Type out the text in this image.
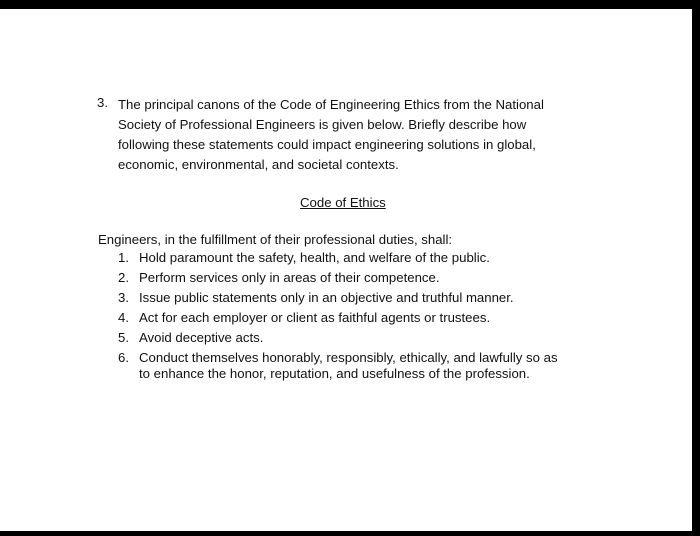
3. The principal canons of the Code of Engineering Ethics from the National
Society of Professional Engineers is given below. Briefly describe how
following these statements could impact engineering solutions in global,
economic, environmental, and societal contexts.
Code of Ethics
Engineers, in the fulfillment of their professional duties, shall:
1. Hold paramount the safety, health, and welfare of the public.
2. Perform services only in areas of their competence.
3. Issue public statements only in an objective and truthful manner.
4. Act for each employer or client as faithful agents or trustees.
5. Avoid deceptive acts.
6. Conduct themselves honorably, responsibly, ethically, and lawfully so as
to enhance the honor, reputation, and usefulness of the profession.
